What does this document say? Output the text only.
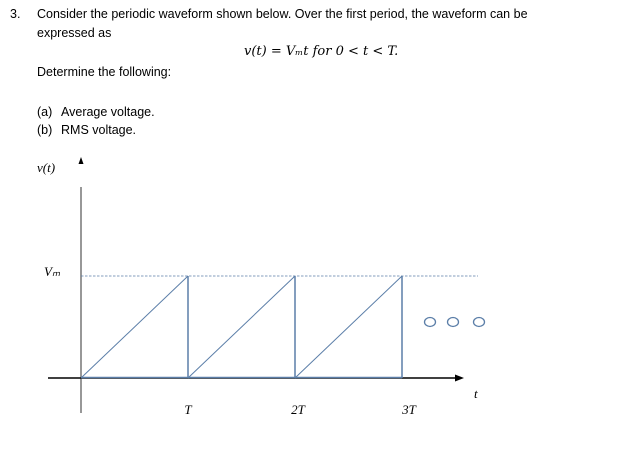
3. Consider the periodic waveform shown below. Over the first period, the waveform can be
expressed as
v(t) = Vₘt for 0 < t < T.
Determine the following:
(a) Average voltage.
(b) RMS voltage.
v(t)
Vₘ
t
T	2T	3T
